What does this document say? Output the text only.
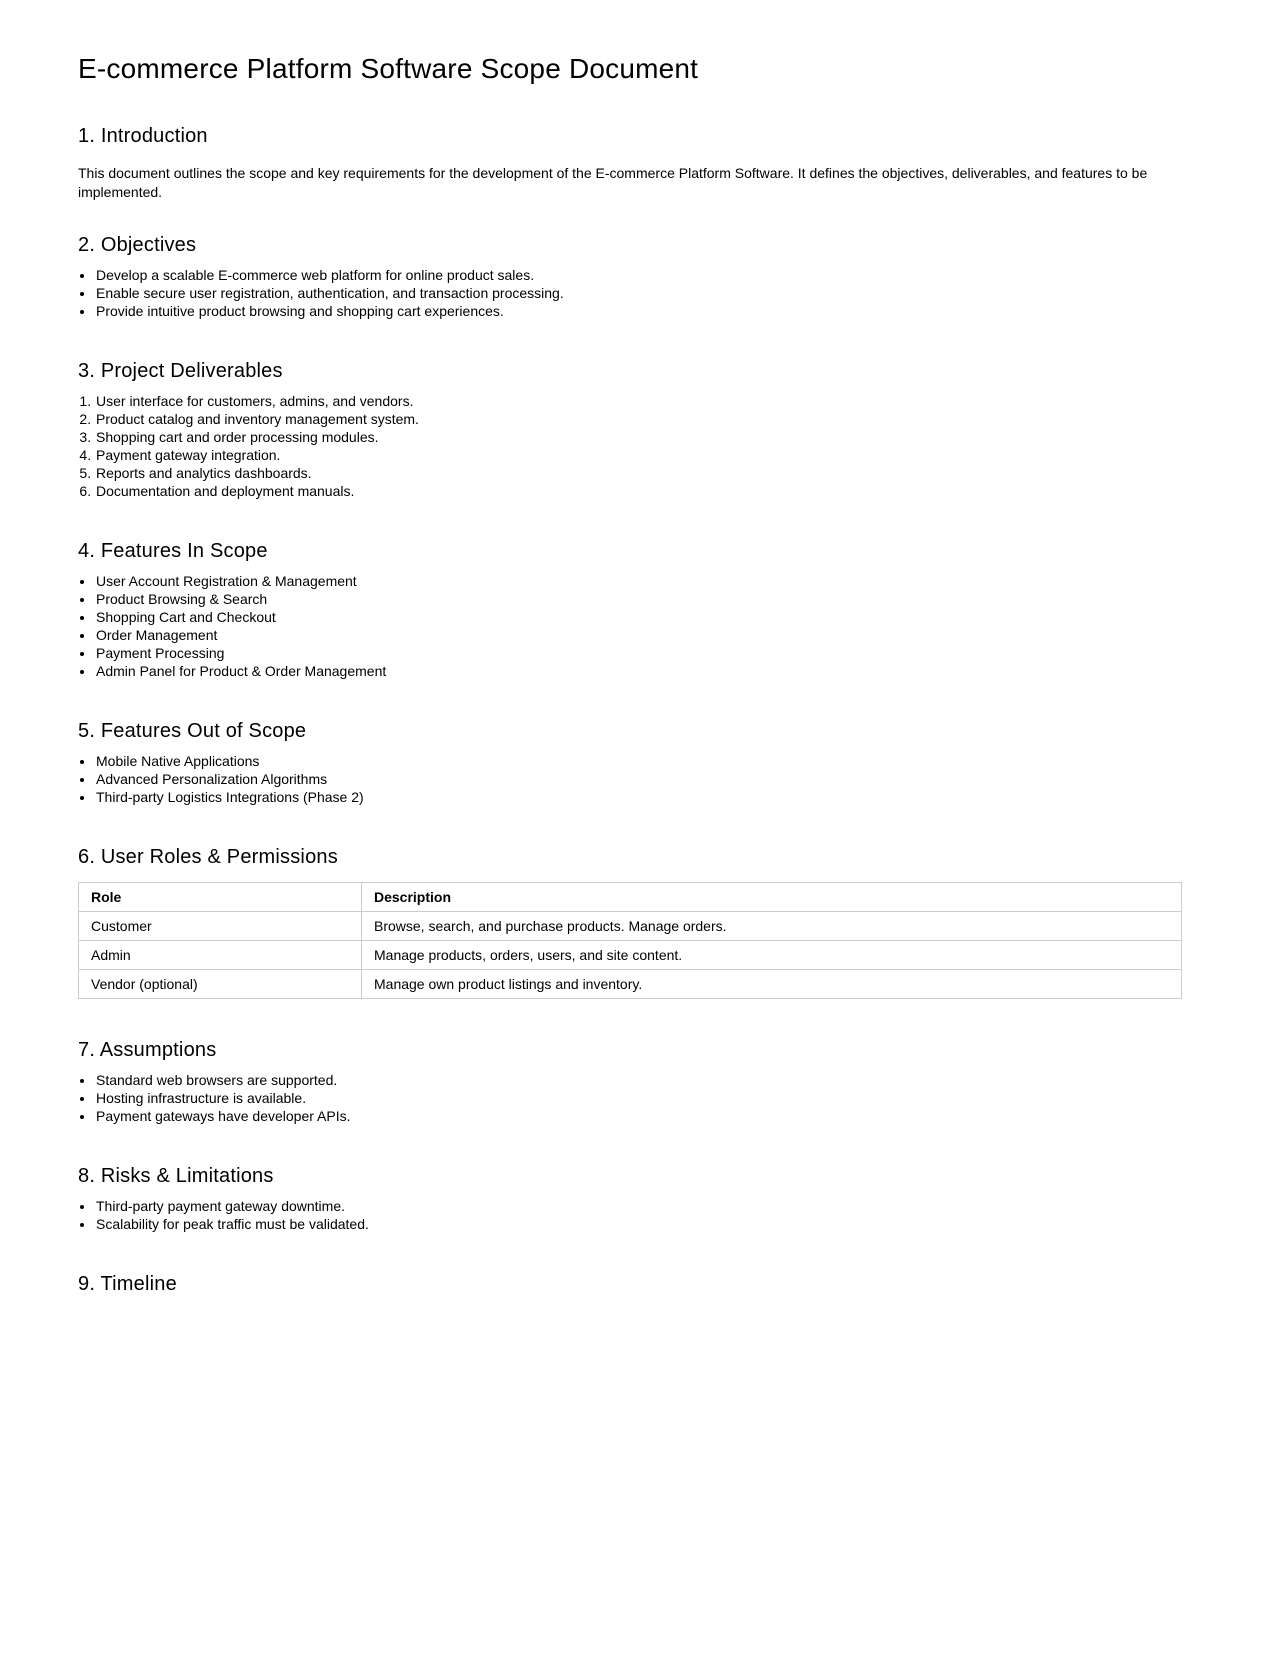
E-commerce Platform Software Scope Document
1. Introduction

This document outlines the scope and key requirements for the development of the E-commerce Platform Software. It defines the objectives, deliverables, and features to be implemented.

2. Objectives
• Develop a scalable E-commerce web platform for online product sales.
• Enable secure user registration, authentication, and transaction processing.
• Provide intuitive product browsing and shopping cart experiences.
3. Project Deliverables
1. User interface for customers, admins, and vendors.
2. Product catalog and inventory management system.
3. Shopping cart and order processing modules.
4. Payment gateway integration.
5. Reports and analytics dashboards.
6. Documentation and deployment manuals.
4. Features In Scope
• User Account Registration & Management
• Product Browsing & Search
• Shopping Cart and Checkout
• Order Management
• Payment Processing
• Admin Panel for Product & Order Management
5. Features Out of Scope
• Mobile Native Applications
• Advanced Personalization Algorithms
• Third-party Logistics Integrations (Phase 2)
6. User Roles & Permissions
Role	Description
Customer	Browse, search, and purchase products. Manage orders.
Admin	Manage products, orders, users, and site content.
Vendor (optional)	Manage own product listings and inventory.
7. Assumptions
• Standard web browsers are supported.
• Hosting infrastructure is available.
• Payment gateways have developer APIs.
8. Risks & Limitations
• Third-party payment gateway downtime.
• Scalability for peak traffic must be validated.
9. Timeline
